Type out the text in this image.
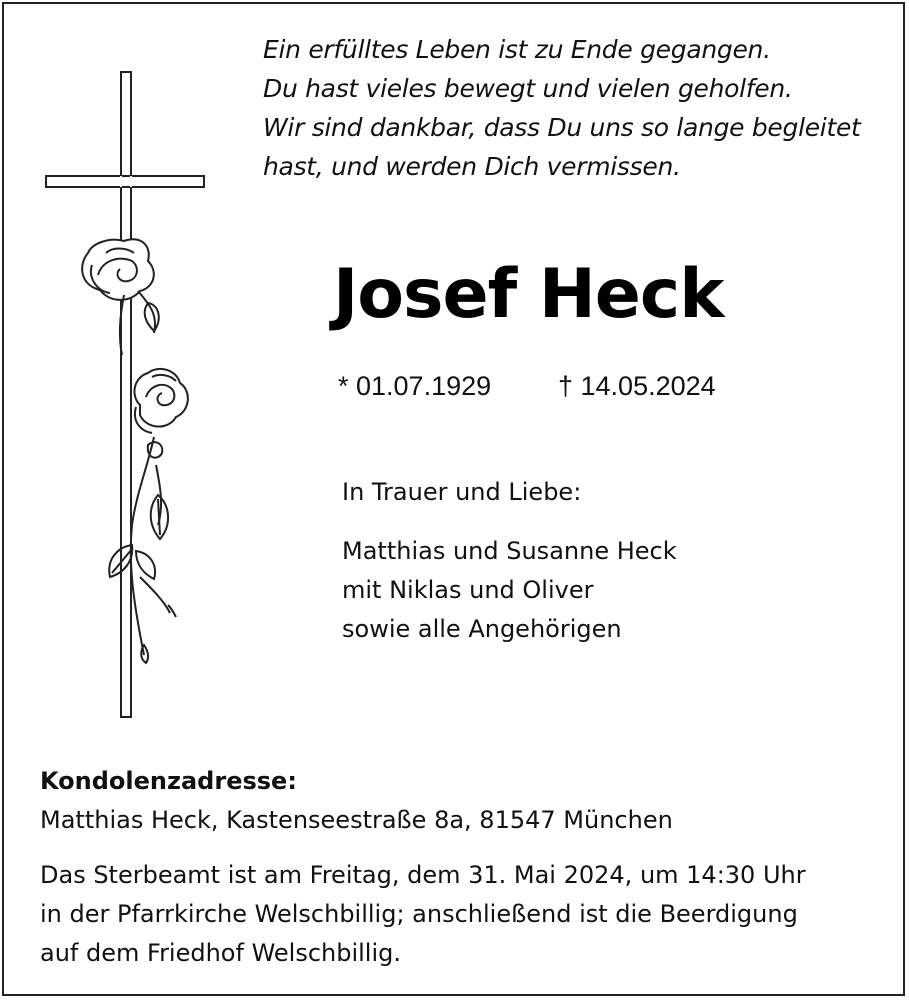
Ein erfülltes Leben ist zu Ende gegangen.
Du hast vieles bewegt und vielen geholfen.
Wir sind dankbar, dass Du uns so lange begleitet
hast, und werden Dich vermissen.
Josef Heck
* 01.07.1929 † 14.05.2024
In Trauer und Liebe:
Matthias und Susanne Heck
mit Niklas und Oliver
sowie alle Angehörigen
Kondolenzadresse:
Matthias Heck, Kastenseestraße 8a, 81547 München
Das Sterbeamt ist am Freitag, dem 31. Mai 2024, um 14:30 Uhr
in der Pfarrkirche Welschbillig; anschließend ist die Beerdigung
auf dem Friedhof Welschbillig.
